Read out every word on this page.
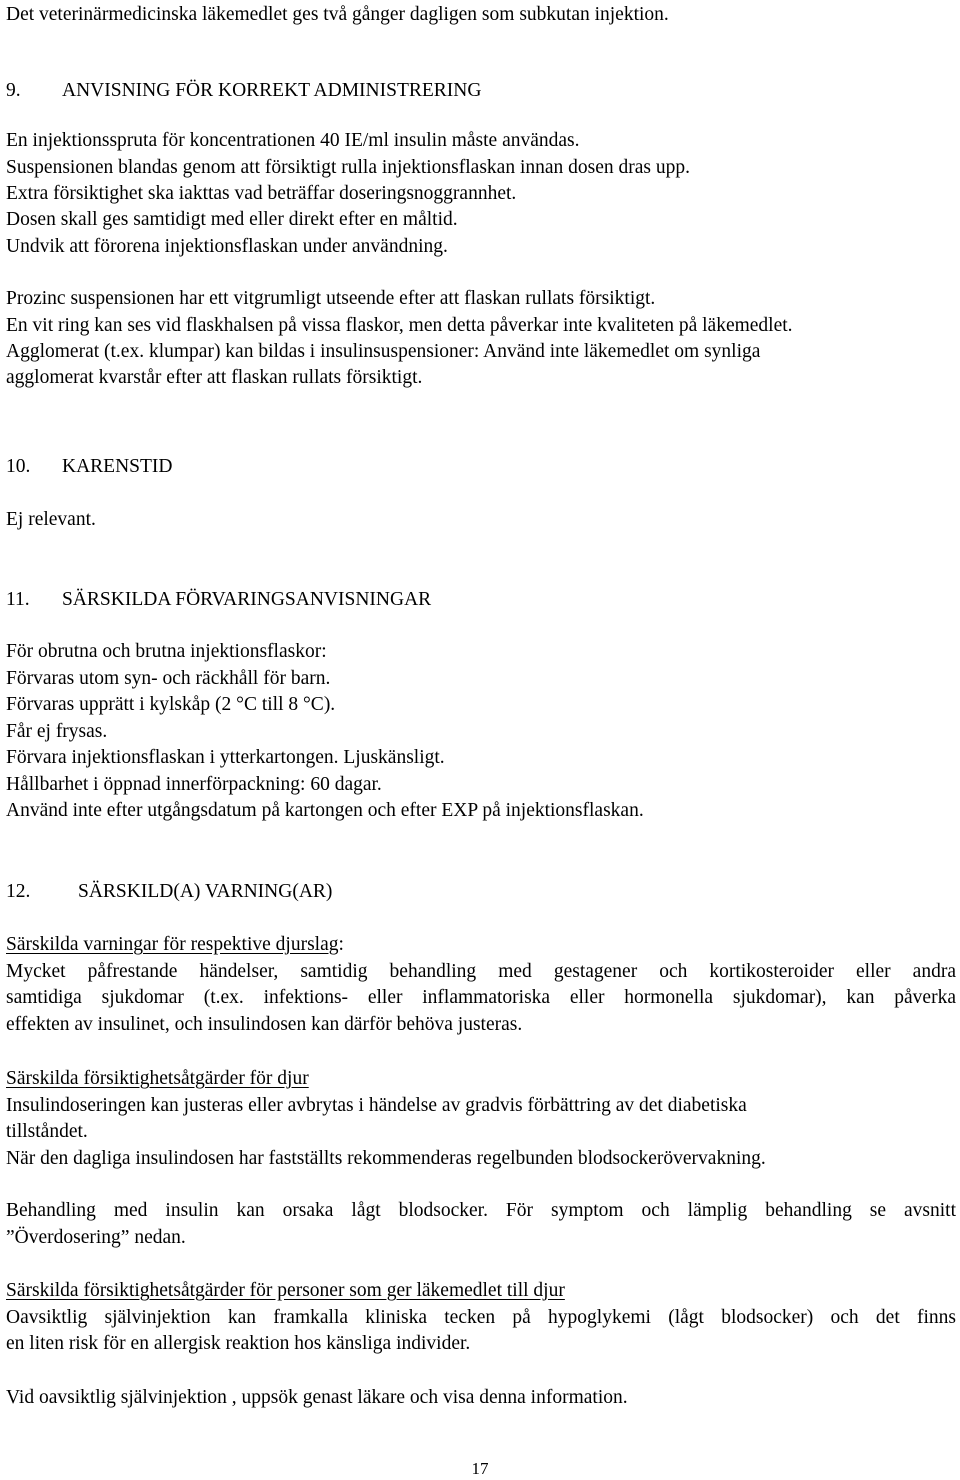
Det veterinärmedicinska läkemedlet ges två gånger dagligen som subkutan injektion.
9. ANVISNING FÖR KORREKT ADMINISTRERING
En injektionsspruta för koncentrationen 40 IE/ml insulin måste användas.
Suspensionen blandas genom att försiktigt rulla injektionsflaskan innan dosen dras upp.
Extra försiktighet ska iakttas vad beträffar doseringsnoggrannhet.
Dosen skall ges samtidigt med eller direkt efter en måltid.
Undvik att förorena injektionsflaskan under användning.
Prozinc suspensionen har ett vitgrumligt utseende efter att flaskan rullats försiktigt.
En vit ring kan ses vid flaskhalsen på vissa flaskor, men detta påverkar inte kvaliteten på läkemedlet.
Agglomerat (t.ex. klumpar) kan bildas i insulinsuspensioner: Använd inte läkemedlet om synliga
agglomerat kvarstår efter att flaskan rullats försiktigt.
10. KARENSTID
Ej relevant.
11. SÄRSKILDA FÖRVARINGSANVISNINGAR
För obrutna och brutna injektionsflaskor:
Förvaras utom syn- och räckhåll för barn.
Förvaras upprätt i kylskåp (2 °C till 8 °C).
Får ej frysas.
Förvara injektionsflaskan i ytterkartongen. Ljuskänsligt.
Hållbarhet i öppnad innerförpackning: 60 dagar.
Använd inte efter utgångsdatum på kartongen och efter EXP på injektionsflaskan.
12. SÄRSKILD(A) VARNING(AR)
Särskilda varningar för respektive djurslag:
Mycket påfrestande händelser, samtidig behandling med gestagener och kortikosteroider eller andra
samtidiga sjukdomar (t.ex. infektions- eller inflammatoriska eller hormonella sjukdomar), kan påverka
effekten av insulinet, och insulindosen kan därför behöva justeras.
Särskilda försiktighetsåtgärder för djur
Insulindoseringen kan justeras eller avbrytas i händelse av gradvis förbättring av det diabetiska
tillståndet.
När den dagliga insulindosen har fastställts rekommenderas regelbunden blodsockerövervakning.
Behandling med insulin kan orsaka lågt blodsocker. För symptom och lämplig behandling se avsnitt
”Överdosering” nedan.
Särskilda försiktighetsåtgärder för personer som ger läkemedlet till djur
Oavsiktlig självinjektion kan framkalla kliniska tecken på hypoglykemi (lågt blodsocker) och det finns
en liten risk för en allergisk reaktion hos känsliga individer.
Vid oavsiktlig självinjektion , uppsök genast läkare och visa denna information.
17
